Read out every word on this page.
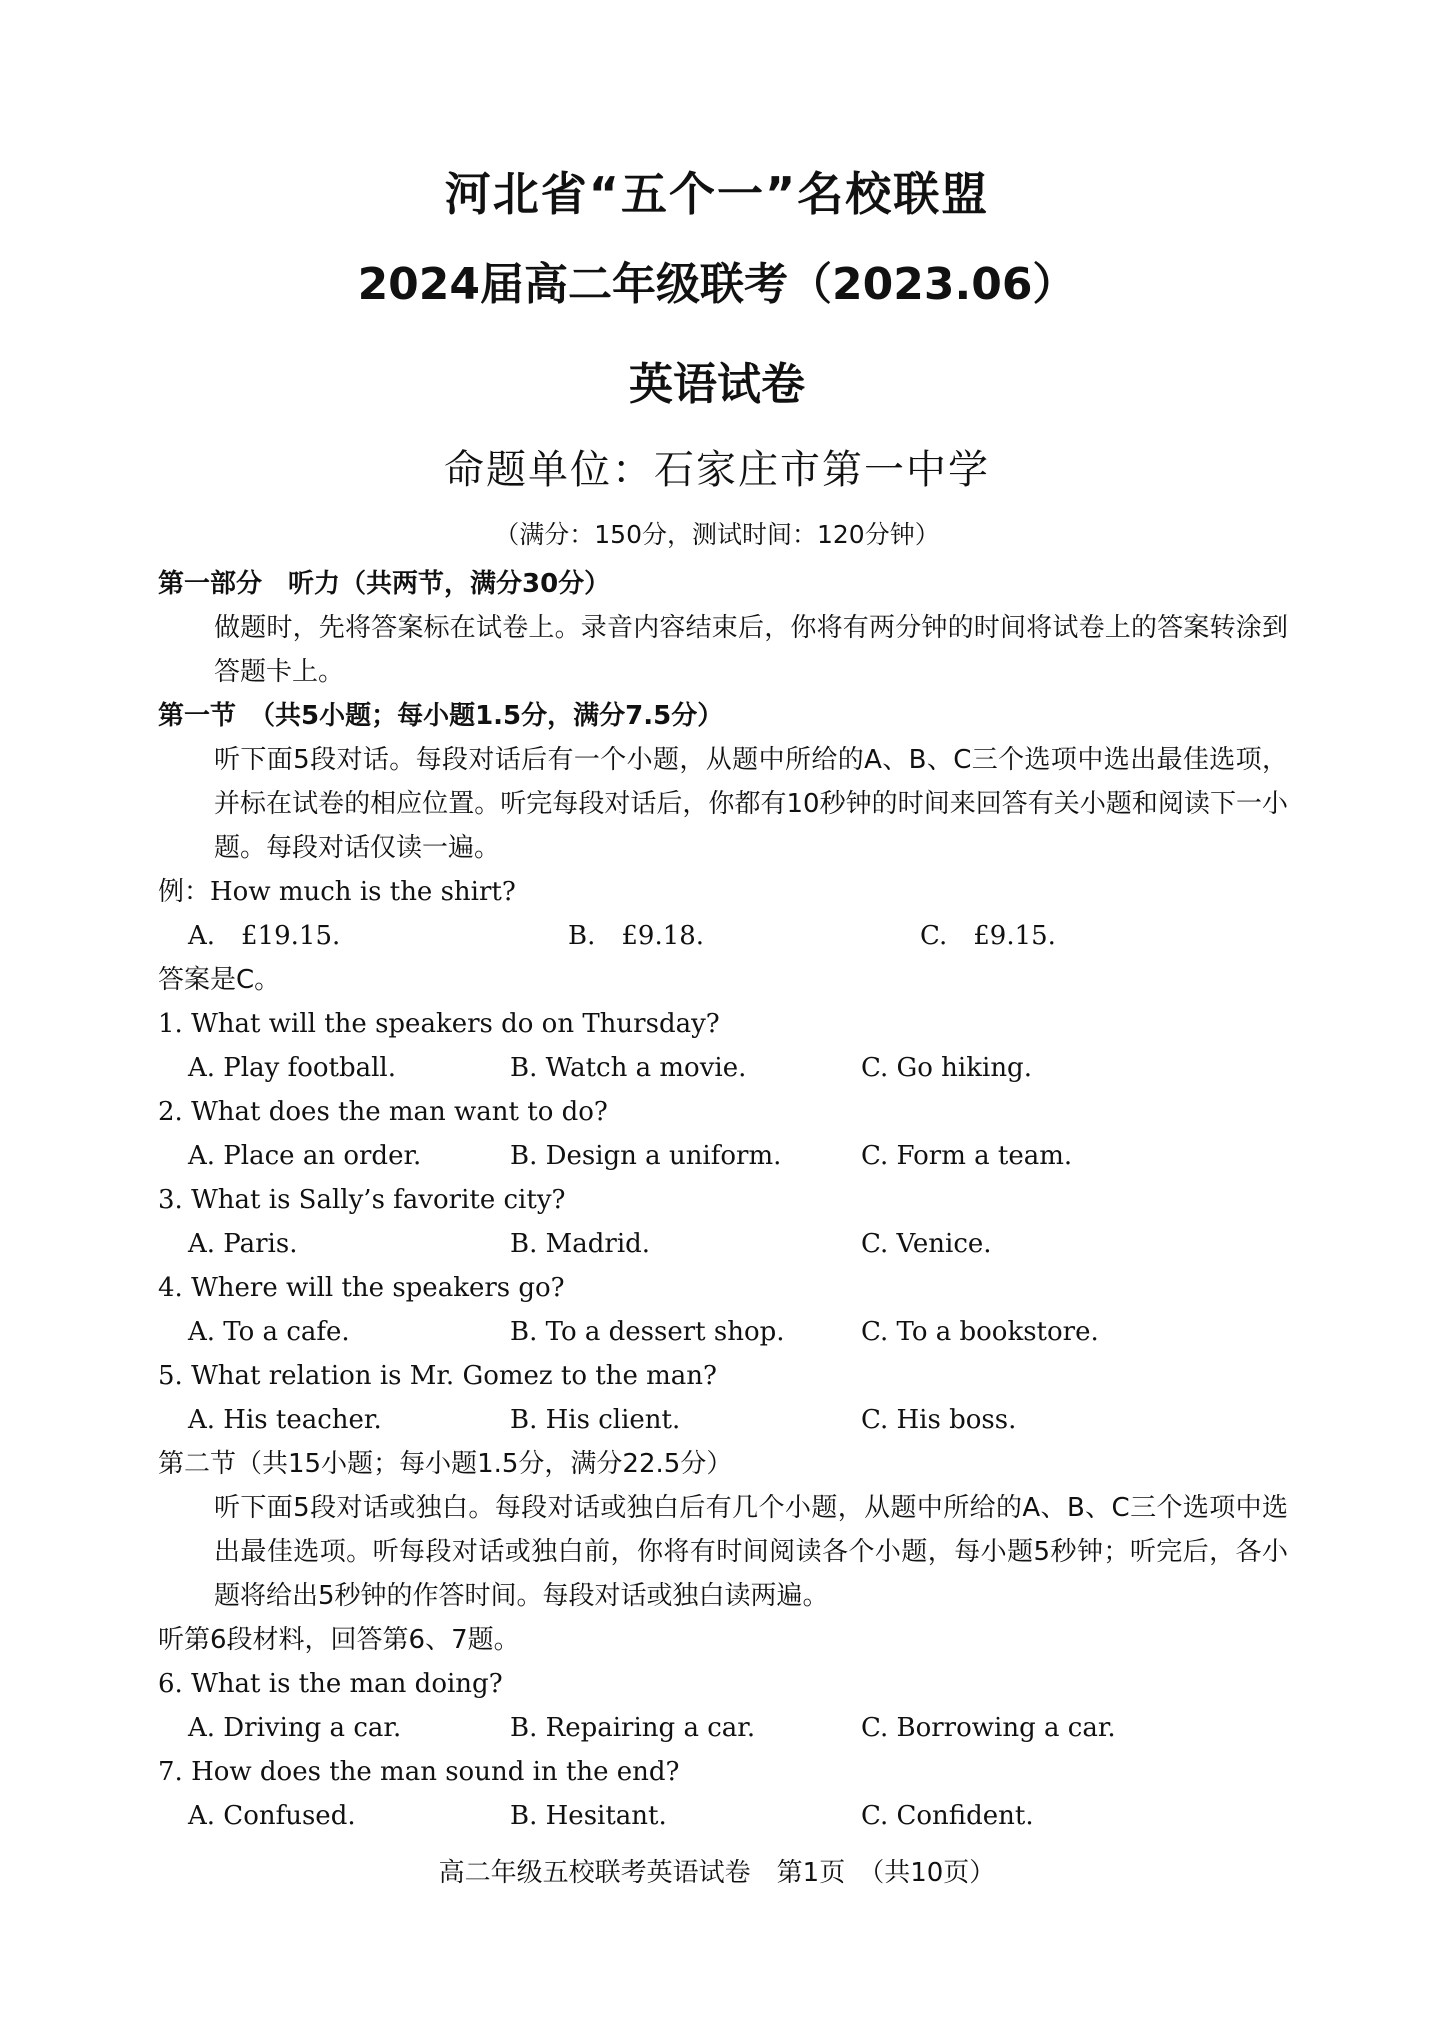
河北省“五个一”名校联盟
2024届高二年级联考（2023.06）
英语试卷
命题单位：石家庄市第一中学
（满分：150分，测试时间：120分钟）
第一部分　听力（共两节，满分30分）
做题时，先将答案标在试卷上。录音内容结束后，你将有两分钟的时间将试卷上的答案转涂到答题卡上。
第一节　（共5小题；每小题1.5分，满分7.5分）
听下面5段对话。每段对话后有一个小题，从题中所给的A、B、C三个选项中选出最佳选项，并标在试卷的相应位置。听完每段对话后，你都有10秒钟的时间来回答有关小题和阅读下一小题。每段对话仅读一遍。
例：How much is the shirt?
A.　£19.15.	B.　£9.18.	C.　£9.15.
答案是C。
1. What will the speakers do on Thursday?
A. Play football.	B. Watch a movie.	C. Go hiking.
2. What does the man want to do?
A. Place an order.	B. Design a uniform.	C. Form a team.
3. What is Sally’s favorite city?
A. Paris.	B. Madrid.	C. Venice.
4. Where will the speakers go?
A. To a cafe.	B. To a dessert shop.	C. To a bookstore.
5. What relation is Mr. Gomez to the man?
A. His teacher.	B. His client.	C. His boss.
第二节（共15小题；每小题1.5分，满分22.5分）
听下面5段对话或独白。每段对话或独白后有几个小题，从题中所给的A、B、C三个选项中选出最佳选项。听每段对话或独白前，你将有时间阅读各个小题，每小题5秒钟；听完后，各小题将给出5秒钟的作答时间。每段对话或独白读两遍。
听第6段材料，回答第6、7题。
6. What is the man doing?
A. Driving a car.	B. Repairing a car.	C. Borrowing a car.
7. How does the man sound in the end?
A. Confused.	B. Hesitant.	C. Confident.
高二年级五校联考英语试卷　第1页　（共10页）
